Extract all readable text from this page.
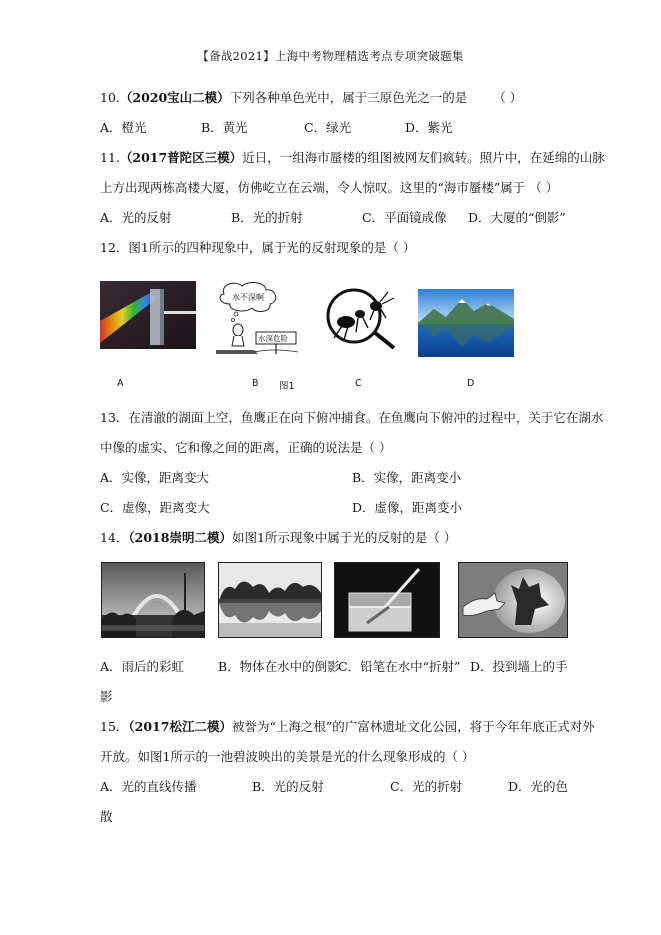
【备战2021】上海中考物理精选考点专项突破题集
10.（2020宝山二模）下列各种单色光中，属于三原色光之一的是 （ ）
A．橙光	B．黄光	C．绿光	D．紫光
11.（2017普陀区三模）近日，一组海市蜃楼的组图被网友们疯转。照片中，在延绵的山脉
上方出现两栋高楼大厦，仿佛屹立在云端，令人惊叹。这里的“海市蜃楼”属于 （ ）
A．光的反射	B．光的折射	C．平面镜成像 D．大厦的“倒影”
12．图1所示的四种现象中，属于光的反射现象的是（ ）
水不深啊
水深危险
A	B 图1	C	D
13．在清澈的湖面上空，鱼鹰正在向下俯冲捕食。在鱼鹰向下俯冲的过程中，关于它在湖水
中像的虚实、它和像之间的距离，正确的说法是（ ）
A．实像，距离变大	B．实像，距离变小
C．虚像，距离变大	D．虚像，距离变小
14．（2018崇明二模）如图1所示现象中属于光的反射的是（ ）
A．雨后的彩虹	B．物体在水中的倒影
C．铅笔在水中“折射” D．投到墙上的手
影
15．（2017松江二模）被誉为“上海之根”的广富林遗址文化公园，将于今年年底正式对外
开放。如图1所示的一池碧波映出的美景是光的什么现象形成的（ ）
A．光的直线传播	B．光的反射	C．光的折射	D．光的色
散
